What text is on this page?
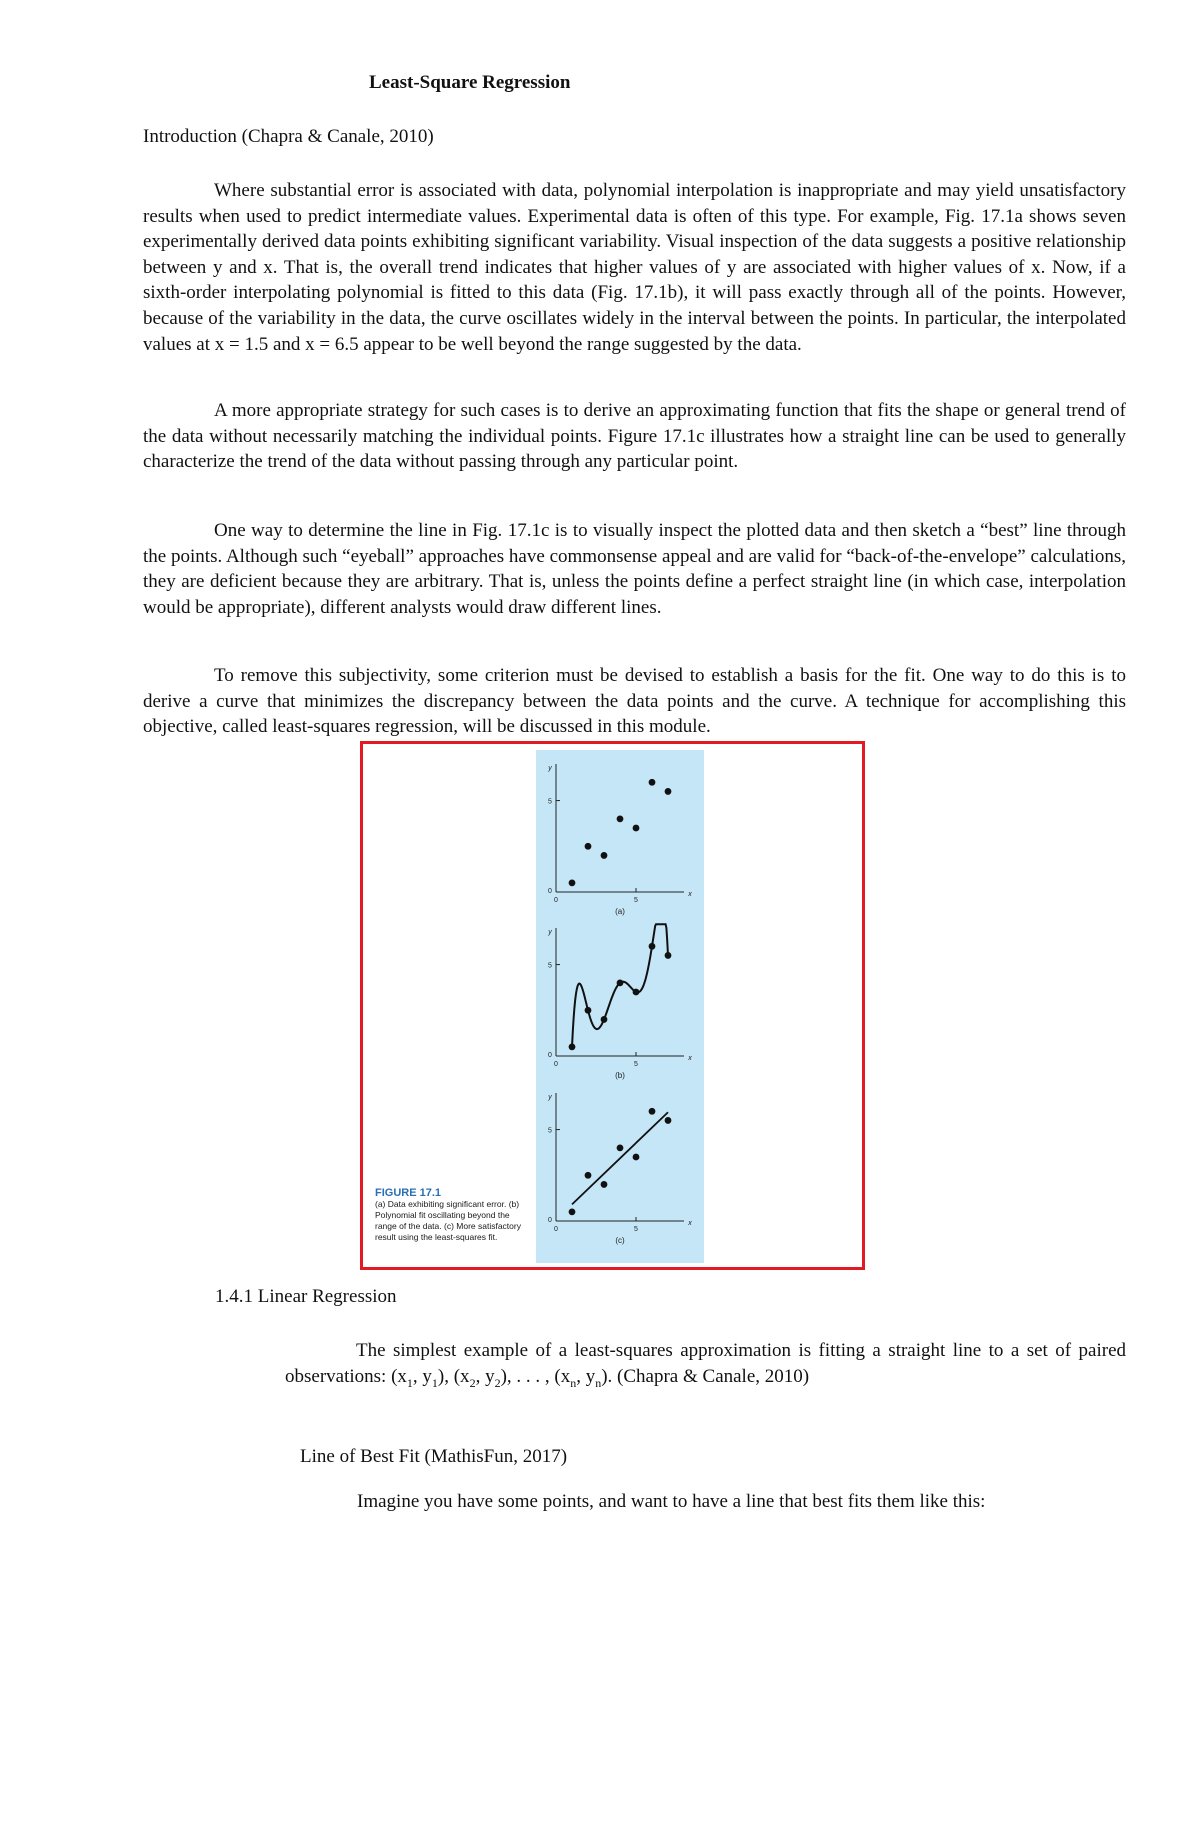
Least-Square Regression
Introduction (Chapra & Canale, 2010)

Where substantial error is associated with data, polynomial interpolation is inappropriate and may yield unsatisfactory results when used to predict intermediate values. Experimental data is often of this type. For example, Fig. 17.1a shows seven experimentally derived data points exhibiting significant variability. Visual inspection of the data suggests a positive relationship between y and x. That is, the overall trend indicates that higher values of y are associated with higher values of x. Now, if a sixth-order interpolating polynomial is fitted to this data (Fig. 17.1b), it will pass exactly through all of the points. However, because of the variability in the data, the curve oscillates widely in the interval between the points. In particular, the interpolated values at x = 1.5 and x = 6.5 appear to be well beyond the range suggested by the data.

A more appropriate strategy for such cases is to derive an approximating function that fits the shape or general trend of the data without necessarily matching the individual points. Figure 17.1c illustrates how a straight line can be used to generally characterize the trend of the data without passing through any particular point.

One way to determine the line in Fig. 17.1c is to visually inspect the plotted data and then sketch a “best” line through the points. Although such “eyeball” approaches have commonsense appeal and are valid for “back-of-the-envelope” calculations, they are deficient because they are arbitrary. That is, unless the points define a perfect straight line (in which case, interpolation would be appropriate), different analysts would draw different lines.

To remove this subjectivity, some criterion must be devised to establish a basis for the fit. One way to do this is to derive a curve that minimizes the discrepancy between the data points and the curve. A technique for accomplishing this objective, called least-squares regression, will be discussed in this module.

y
x
5
0
0	5
(a)
y
x
5
0
0	5
(b)
y
x
5
0
0	5
(c)
FIGURE 17.1
(a) Data exhibiting significant error. (b) Polynomial fit oscillating beyond the range of the data. (c) More satisfactory result using the least-squares fit.
1.4.1 Linear Regression

The simplest example of a least-squares approximation is fitting a straight line to a set of paired observations: ($x_1$, $y_1$), ($x_2$, $y_2$), . . . , ($x_n$, $y_n$). (Chapra & Canale, 2010)

Line of Best Fit (MathisFun, 2017)
Imagine you have some points, and want to have a line that best fits them like this:
